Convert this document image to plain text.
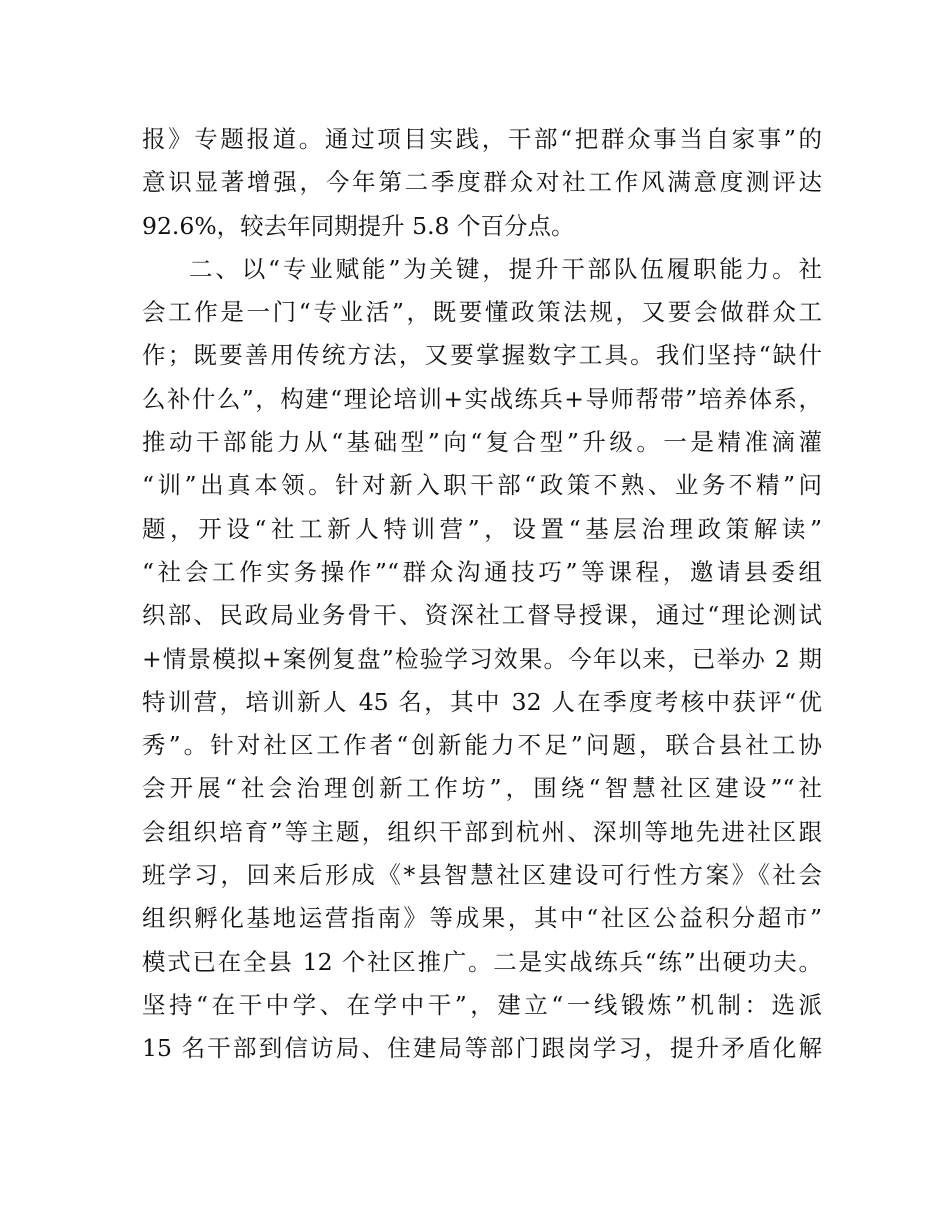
报》专题报道。通过项目实践，干部“把群众事当自家事”的
意识显著增强，今年第二季度群众对社工作风满意度测评达
92.6%，较去年同期提升 5.8 个百分点。
二、以“专业赋能”为关键，提升干部队伍履职能力。社
会工作是一门“专业活”，既要懂政策法规，又要会做群众工
作；既要善用传统方法，又要掌握数字工具。我们坚持“缺什
么补什么”，构建“理论培训+实战练兵+导师帮带”培养体系，
推动干部能力从“基础型”向“复合型”升级。一是精准滴灌
“训”出真本领。针对新入职干部“政策不熟、业务不精”问
题，开设“社工新人特训营”，设置“基层治理政策解读”
“社会工作实务操作”“群众沟通技巧”等课程，邀请县委组
织部、民政局业务骨干、资深社工督导授课，通过“理论测试
+情景模拟+案例复盘”检验学习效果。今年以来，已举办 2 期
特训营，培训新人 45 名，其中 32 人在季度考核中获评“优
秀”。针对社区工作者“创新能力不足”问题，联合县社工协
会开展“社会治理创新工作坊”，围绕“智慧社区建设”“社
会组织培育”等主题，组织干部到杭州、深圳等地先进社区跟
班学习，回来后形成《*县智慧社区建设可行性方案》《社会
组织孵化基地运营指南》等成果，其中“社区公益积分超市”
模式已在全县 12 个社区推广。二是实战练兵“练”出硬功夫。
坚持“在干中学、在学中干”，建立“一线锻炼”机制：选派
15 名干部到信访局、住建局等部门跟岗学习，提升矛盾化解
